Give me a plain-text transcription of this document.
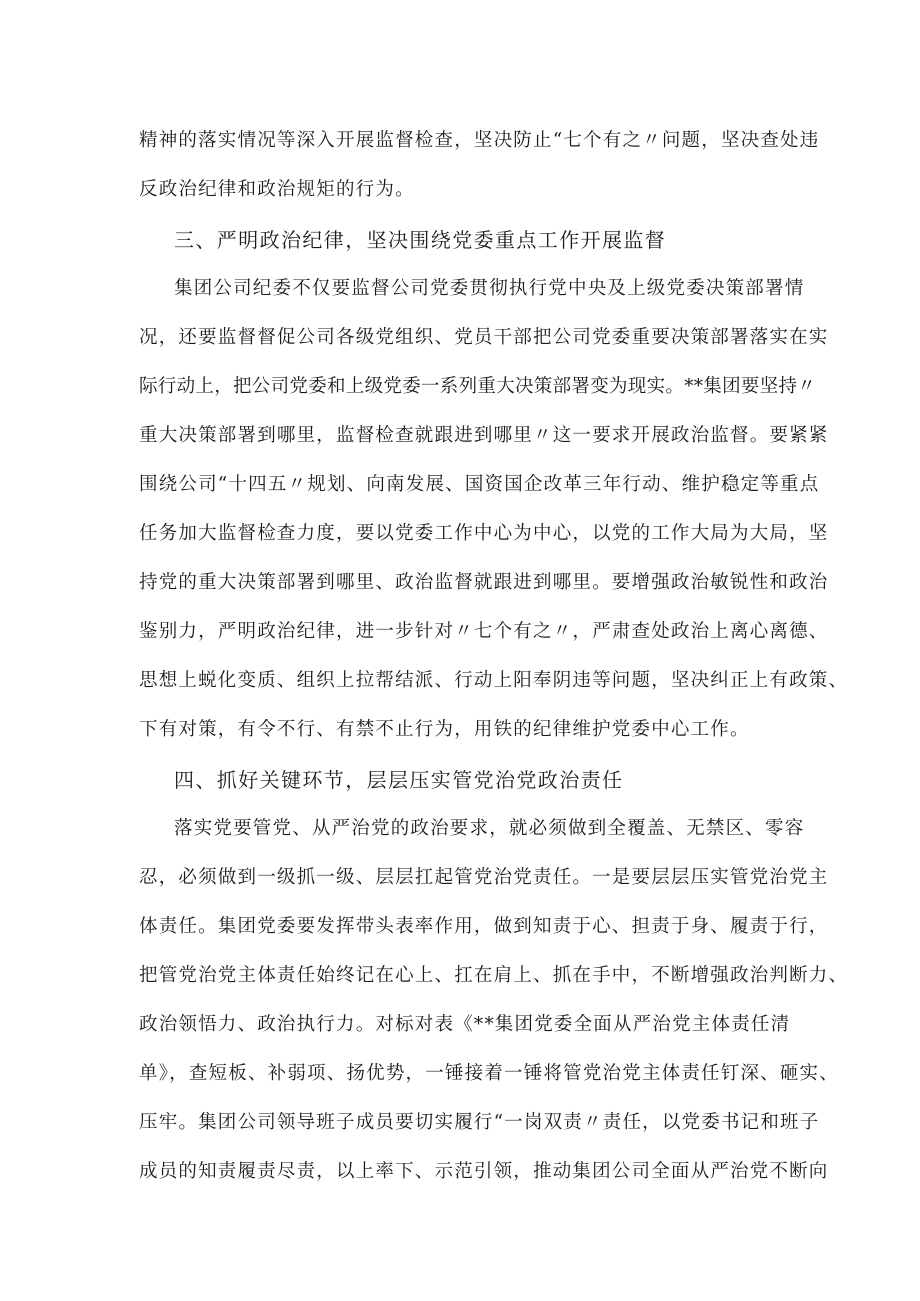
精神的落实情况等深入开展监督检查，坚决防止“七个有之〃问题，坚决查处违
反政治纪律和政治规矩的行为。
三、严明政治纪律，坚决围绕党委重点工作开展监督
集团公司纪委不仅要监督公司党委贯彻执行党中央及上级党委决策部署情
况，还要监督督促公司各级党组织、党员干部把公司党委重要决策部署落实在实
际行动上，把公司党委和上级党委一系列重大决策部署变为现实。**集团要坚持〃
重大决策部署到哪里，监督检查就跟进到哪里〃这一要求开展政治监督。要紧紧
围绕公司“十四五〃规划、向南发展、国资国企改革三年行动、维护稳定等重点
任务加大监督检查力度，要以党委工作中心为中心，以党的工作大局为大局，坚
持党的重大决策部署到哪里、政治监督就跟进到哪里。要增强政治敏锐性和政治
鉴别力，严明政治纪律，进一步针对〃七个有之〃，严肃查处政治上离心离德、
思想上蜕化变质、组织上拉帮结派、行动上阳奉阴违等问题，坚决纠正上有政策、
下有对策，有令不行、有禁不止行为，用铁的纪律维护党委中心工作。
四、抓好关键环节，层层压实管党治党政治责任
落实党要管党、从严治党的政治要求，就必须做到全覆盖、无禁区、零容
忍，必须做到一级抓一级、层层扛起管党治党责任。一是要层层压实管党治党主
体责任。集团党委要发挥带头表率作用，做到知责于心、担责于身、履责于行，
把管党治党主体责任始终记在心上、扛在肩上、抓在手中，不断增强政治判断力、
政治领悟力、政治执行力。对标对表《**集团党委全面从严治党主体责任清
单》，查短板、补弱项、扬优势，一锤接着一锤将管党治党主体责任钉深、砸实、
压牢。集团公司领导班子成员要切实履行“一岗双责〃责任，以党委书记和班子
成员的知责履责尽责，以上率下、示范引领，推动集团公司全面从严治党不断向
